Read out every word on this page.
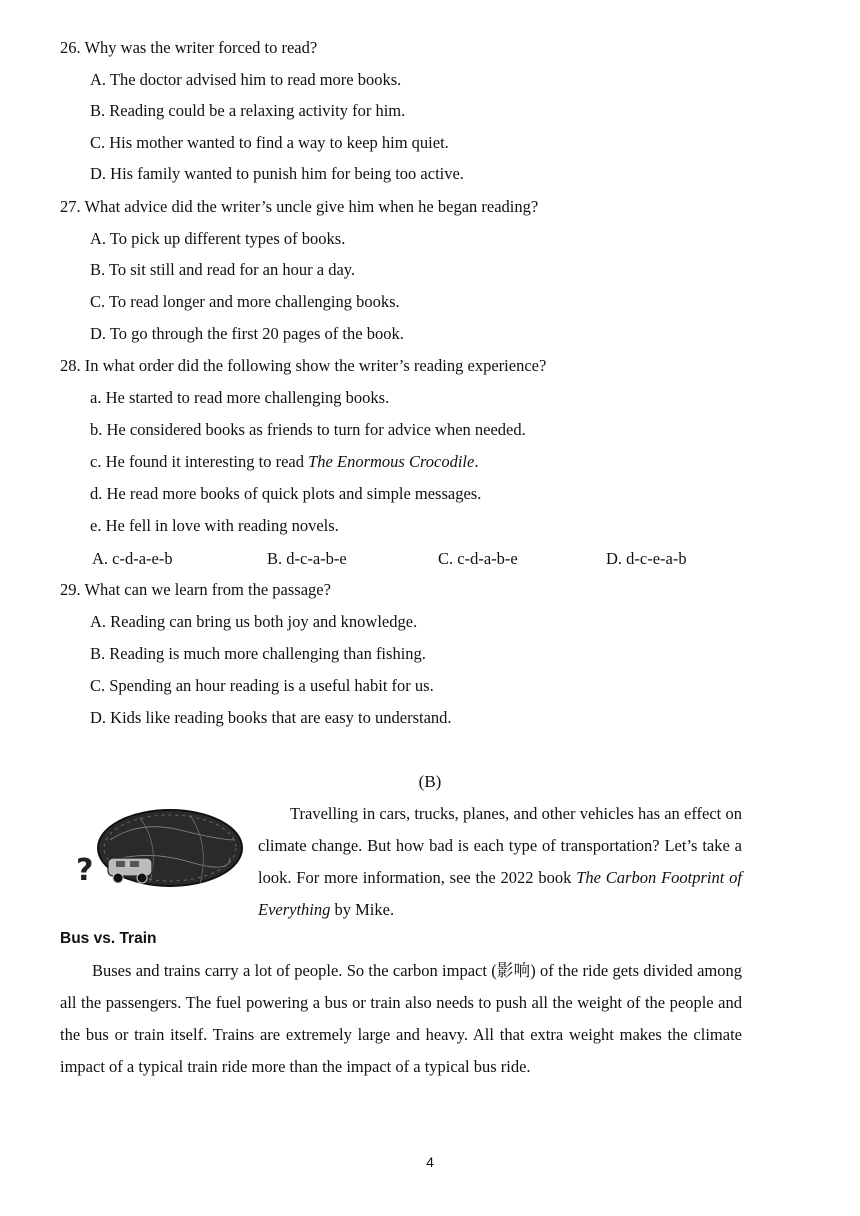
26. Why was the writer forced to read?
A. The doctor advised him to read more books.
B. Reading could be a relaxing activity for him.
C. His mother wanted to find a way to keep him quiet.
D. His family wanted to punish him for being too active.
27. What advice did the writer’s uncle give him when he began reading?
A. To pick up different types of books.
B. To sit still and read for an hour a day.
C. To read longer and more challenging books.
D. To go through the first 20 pages of the book.
28. In what order did the following show the writer’s reading experience?
a. He started to read more challenging books.
b. He considered books as friends to turn for advice when needed.
c. He found it interesting to read The Enormous Crocodile.
d. He read more books of quick plots and simple messages.
e. He fell in love with reading novels.
A. c-d-a-e-b	B. d-c-a-b-e	C. c-d-a-b-e	D. d-c-e-a-b
29. What can we learn from the passage?
A. Reading can bring us both joy and knowledge.
B. Reading is much more challenging than fishing.
C. Spending an hour reading is a useful habit for us.
D. Kids like reading books that are easy to understand.
(B)
?
Travelling in cars, trucks, planes, and other vehicles has an effect on climate change. But how bad is each type of transportation? Let’s take a look. For more information, see the 2022 book The Carbon Footprint of Everything by Mike.
Bus vs. Train
Buses and trains carry a lot of people. So the carbon impact (影响) of the ride gets divided among all the passengers. The fuel powering a bus or train also needs to push all the weight of the people and the bus or train itself. Trains are extremely large and heavy. All that extra weight makes the climate impact of a typical train ride more than the impact of a typical bus ride.
4
